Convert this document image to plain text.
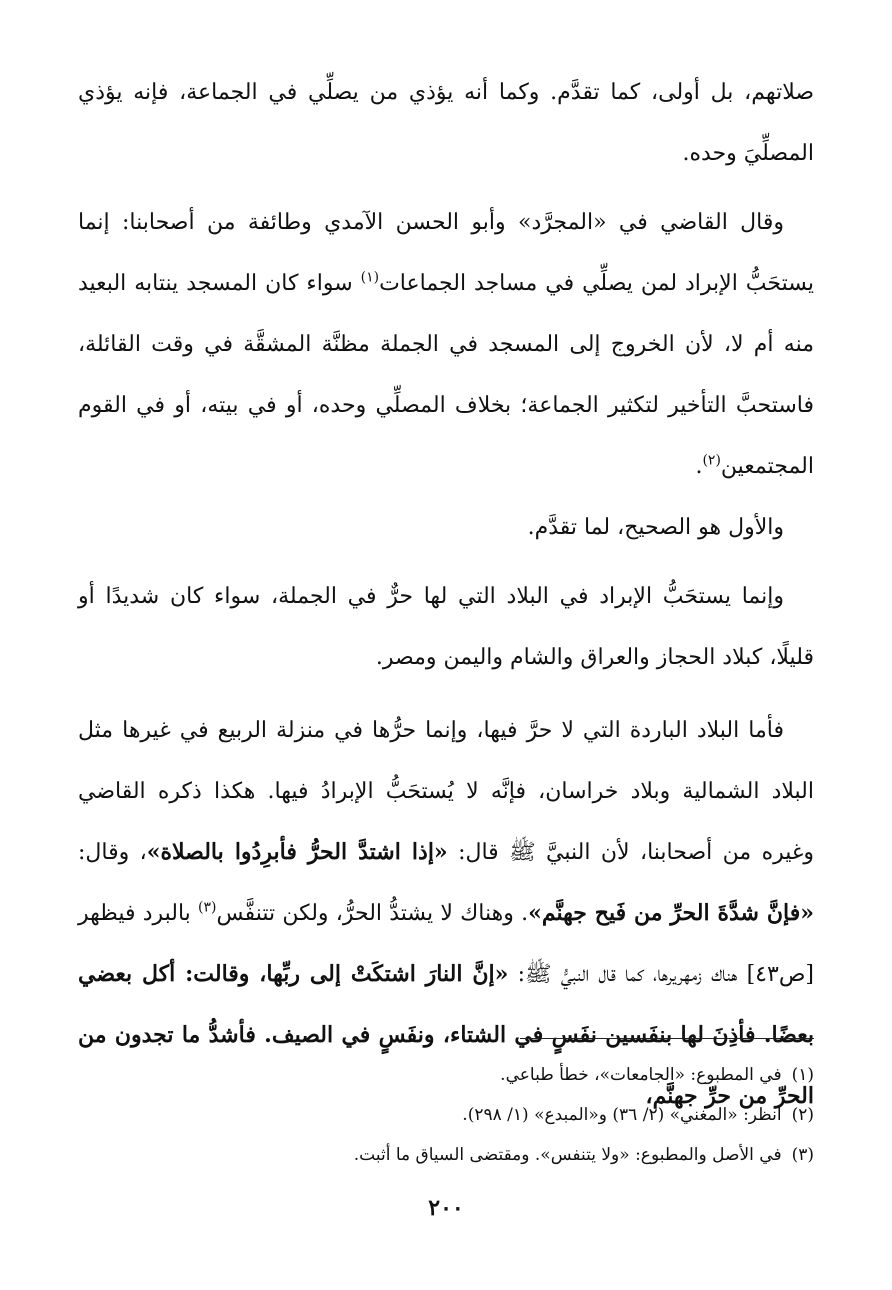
صلاتهم، بل أولى، كما تقدَّم. وكما أنه يؤذي من يصلِّي في الجماعة، فإنه يؤذي المصلِّيَ وحده.

وقال القاضي في «المجرَّد» وأبو الحسن الآمدي وطائفة من أصحابنا: إنما يستحَبُّ الإبراد لمن يصلِّي في مساجد الجماعات$^{(١)}$ سواء كان المسجد ينتابه البعيد منه أم لا، لأن الخروج إلى المسجد في الجملة مظنَّة المشقَّة في وقت القائلة، فاستحبَّ التأخير لتكثير الجماعة؛ بخلاف المصلِّي وحده، أو في بيته، أو في القوم المجتمعين$^{(٢)}$.

والأول هو الصحيح، لما تقدَّم.

وإنما يستحَبُّ الإبراد في البلاد التي لها حرٌّ في الجملة، سواء كان شديدًا أو قليلًا، كبلاد الحجاز والعراق والشام واليمن ومصر.

فأما البلاد الباردة التي لا حرَّ فيها، وإنما حرُّها في منزلة الربيع في غيرها مثل البلاد الشمالية وبلاد خراسان، فإنَّه لا يُستحَبُّ الإبرادُ فيها. هكذا ذكره القاضي وغيره من أصحابنا، لأن النبيَّ ﷺ قال: «إذا اشتدَّ الحرُّ فأبرِدُوا بالصلاة»، وقال: «فإنَّ شدَّةَ الحرِّ من فَيح جهنَّم». وهناك لا يشتدُّ الحرُّ، ولكن تتنفَّس$^{(٣)}$ بالبرد فيظهر [ص٤٣] هناك زمهريرها، كما قال النبيُّ ﷺ: «إنَّ النارَ اشتكَتْ إلى ربِّها، وقالت: أكل بعضي بعضًا. فأذِنَ لها بنفَسين نفَسٍ في الشتاء، ونفَسٍ في الصيف. فأشدُّ ما تجدون من الحرِّ من حرِّ جهنَّم،

(١)في المطبوع: «الجامعات»، خطأ طباعي.
(٢)انظر: «المغني» (٢/ ٣٦) و«المبدع» (١/ ٢٩٨).
(٣)في الأصل والمطبوع: «ولا يتنفس». ومقتضى السياق ما أثبت.
٢٠٠
